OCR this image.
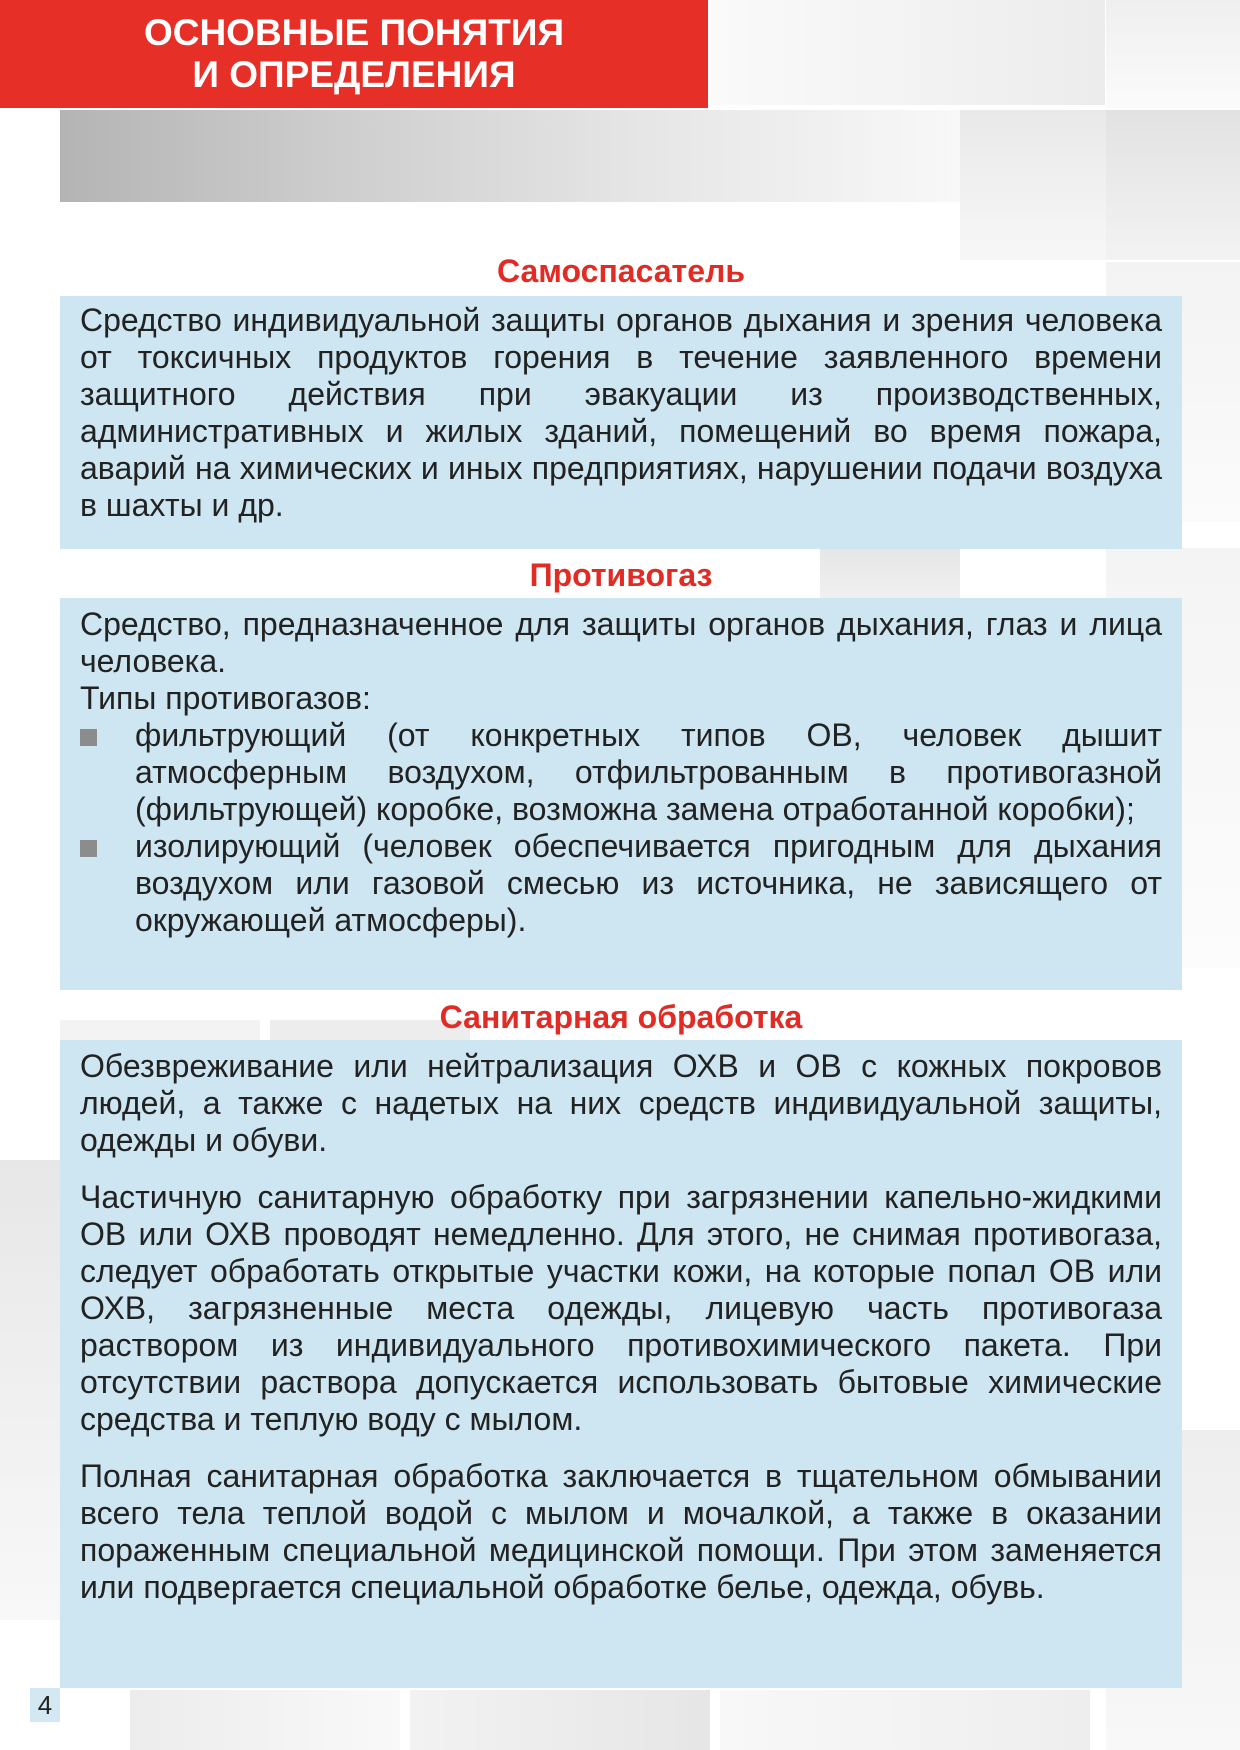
ОСНОВНЫЕ ПОНЯТИЯ
И ОПРЕДЕЛЕНИЯ
Самоспасатель

Средство индивидуальной защиты органов дыхания и зрения человека от токсичных продуктов горения в течение заявленного времени защитного действия при эвакуации из производственных, административных и жилых зданий, помещений во время пожара, аварий на химических и иных предприятиях, нарушении подачи воздуха в шахты и др.

Противогаз

Средство, предназначенное для защиты органов дыхания, глаз и лица человека.

Типы противогазов:

фильтрующий (от конкретных типов ОВ, человек дышит атмосферным воздухом, отфильтрованным в противогазной (фильтрующей) коробке, возможна замена отработанной коробки);
изолирующий (человек обеспечивается пригодным для дыхания воздухом или газовой смесью из источника, не зависящего от окружающей атмосферы).
Санитарная обработка

Обезвреживание или нейтрализация ОХВ и ОВ с кожных покровов людей, а также с надетых на них средств индивидуальной защиты, одежды и обуви.

Частичную санитарную обработку при загрязнении капельно-жидкими ОВ или ОХВ проводят немедленно. Для этого, не снимая противогаза, следует обработать открытые участки кожи, на которые попал ОВ или ОХВ, загрязненные места одежды, лицевую часть противогаза раствором из индивидуального противохимического пакета. При отсутствии раствора допускается использовать бытовые химические средства и теплую воду с мылом.

Полная санитарная обработка заключается в тщательном обмывании всего тела теплой водой с мылом и мочалкой, а также в оказании пораженным специальной медицинской помощи. При этом заменяется или подвергается специальной обработке белье, одежда, обувь.

4
